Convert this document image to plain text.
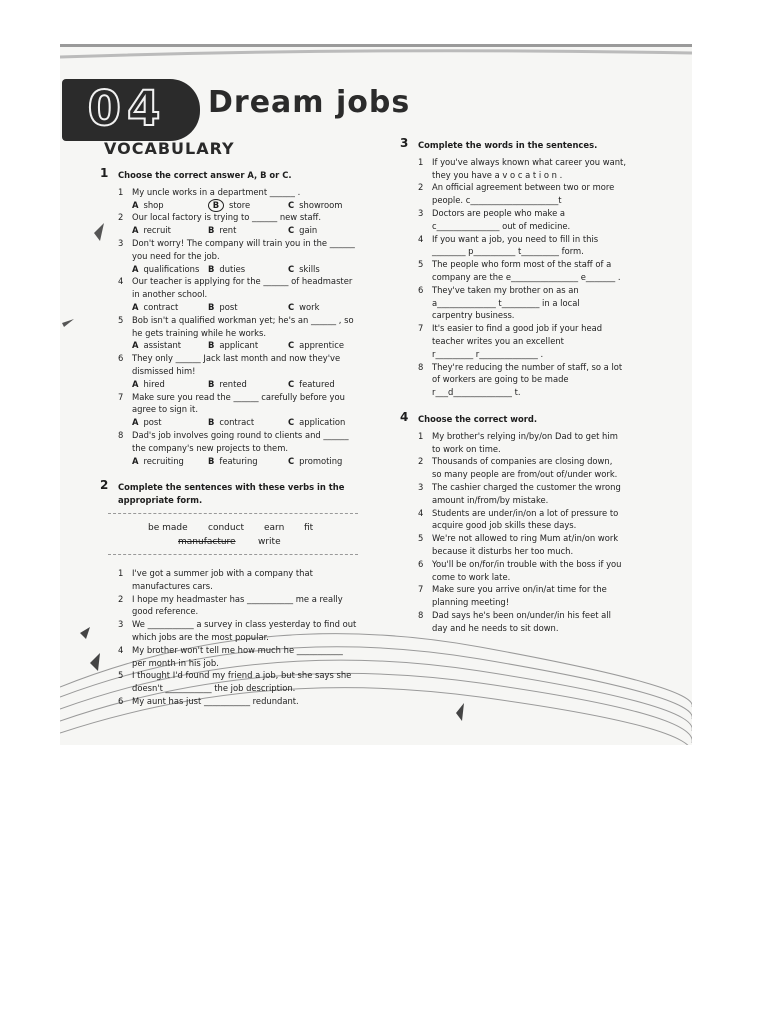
04	Dream jobs
VOCABULARY
1 Choose the correct answer A, B or C.
1 My uncle works in a department ______ .
A shop	B store	C showroom
2 Our local factory is trying to ______ new staff.
A recruit	B rent	C gain
3 Don't worry! The company will train you in the ______
you need for the job.
A qualifications B duties	C skills
4 Our teacher is applying for the ______ of headmaster
in another school.
A contract	B post	C work
5 Bob isn't a qualified workman yet; he's an ______ , so
he gets training while he works.
A assistant	B applicant	C apprentice
6 They only ______ Jack last month and now they've
dismissed him!
A hired	B rented	C featured
7 Make sure you read the ______ carefully before you
agree to sign it.
A post	B contract	C application
8 Dad's job involves going round to clients and ______
the company's new projects to them.
A recruiting	B featuring	C promoting
2 Complete the sentences with these verbs in the
appropriate form.
be made conduct earn fit
manufacture write
1 I've got a summer job with a company that
manufactures cars.
2 I hope my headmaster has ___________ me a really
good reference.
3 We ___________ a survey in class yesterday to find out
which jobs are the most popular.
4 My brother won't tell me how much he ___________
per month in his job.
5 I thought I'd found my friend a job, but she says she
doesn't ___________ the job description.
6 My aunt has just ___________ redundant.
3 Complete the words in the sentences.
1 If you've always known what career you want,
they you have a v o c a t i o n .
2 An official agreement between two or more
people. c_____________________t
3 Doctors are people who make a
c_______________ out of medicine.
4 If you want a job, you need to fill in this
________ p__________ t_________ form.
5 The people who form most of the staff of a
company are the e________________ e_______ .
6 They've taken my brother on as an
a______________ t_________ in a local
carpentry business.
7 It's easier to find a good job if your head
teacher writes you an excellent
r_________ r______________ .
8 They're reducing the number of staff, so a lot
of workers are going to be made
r___d______________ t.
4 Choose the correct word.
1 My brother's relying in/by/on Dad to get him
to work on time.
2 Thousands of companies are closing down,
so many people are from/out of/under work.
3 The cashier charged the customer the wrong
amount in/from/by mistake.
4 Students are under/in/on a lot of pressure to
acquire good job skills these days.
5 We're not allowed to ring Mum at/in/on work
because it disturbs her too much.
6 You'll be on/for/in trouble with the boss if you
come to work late.
7 Make sure you arrive on/in/at time for the
planning meeting!
8 Dad says he's been on/under/in his feet all
day and he needs to sit down.
